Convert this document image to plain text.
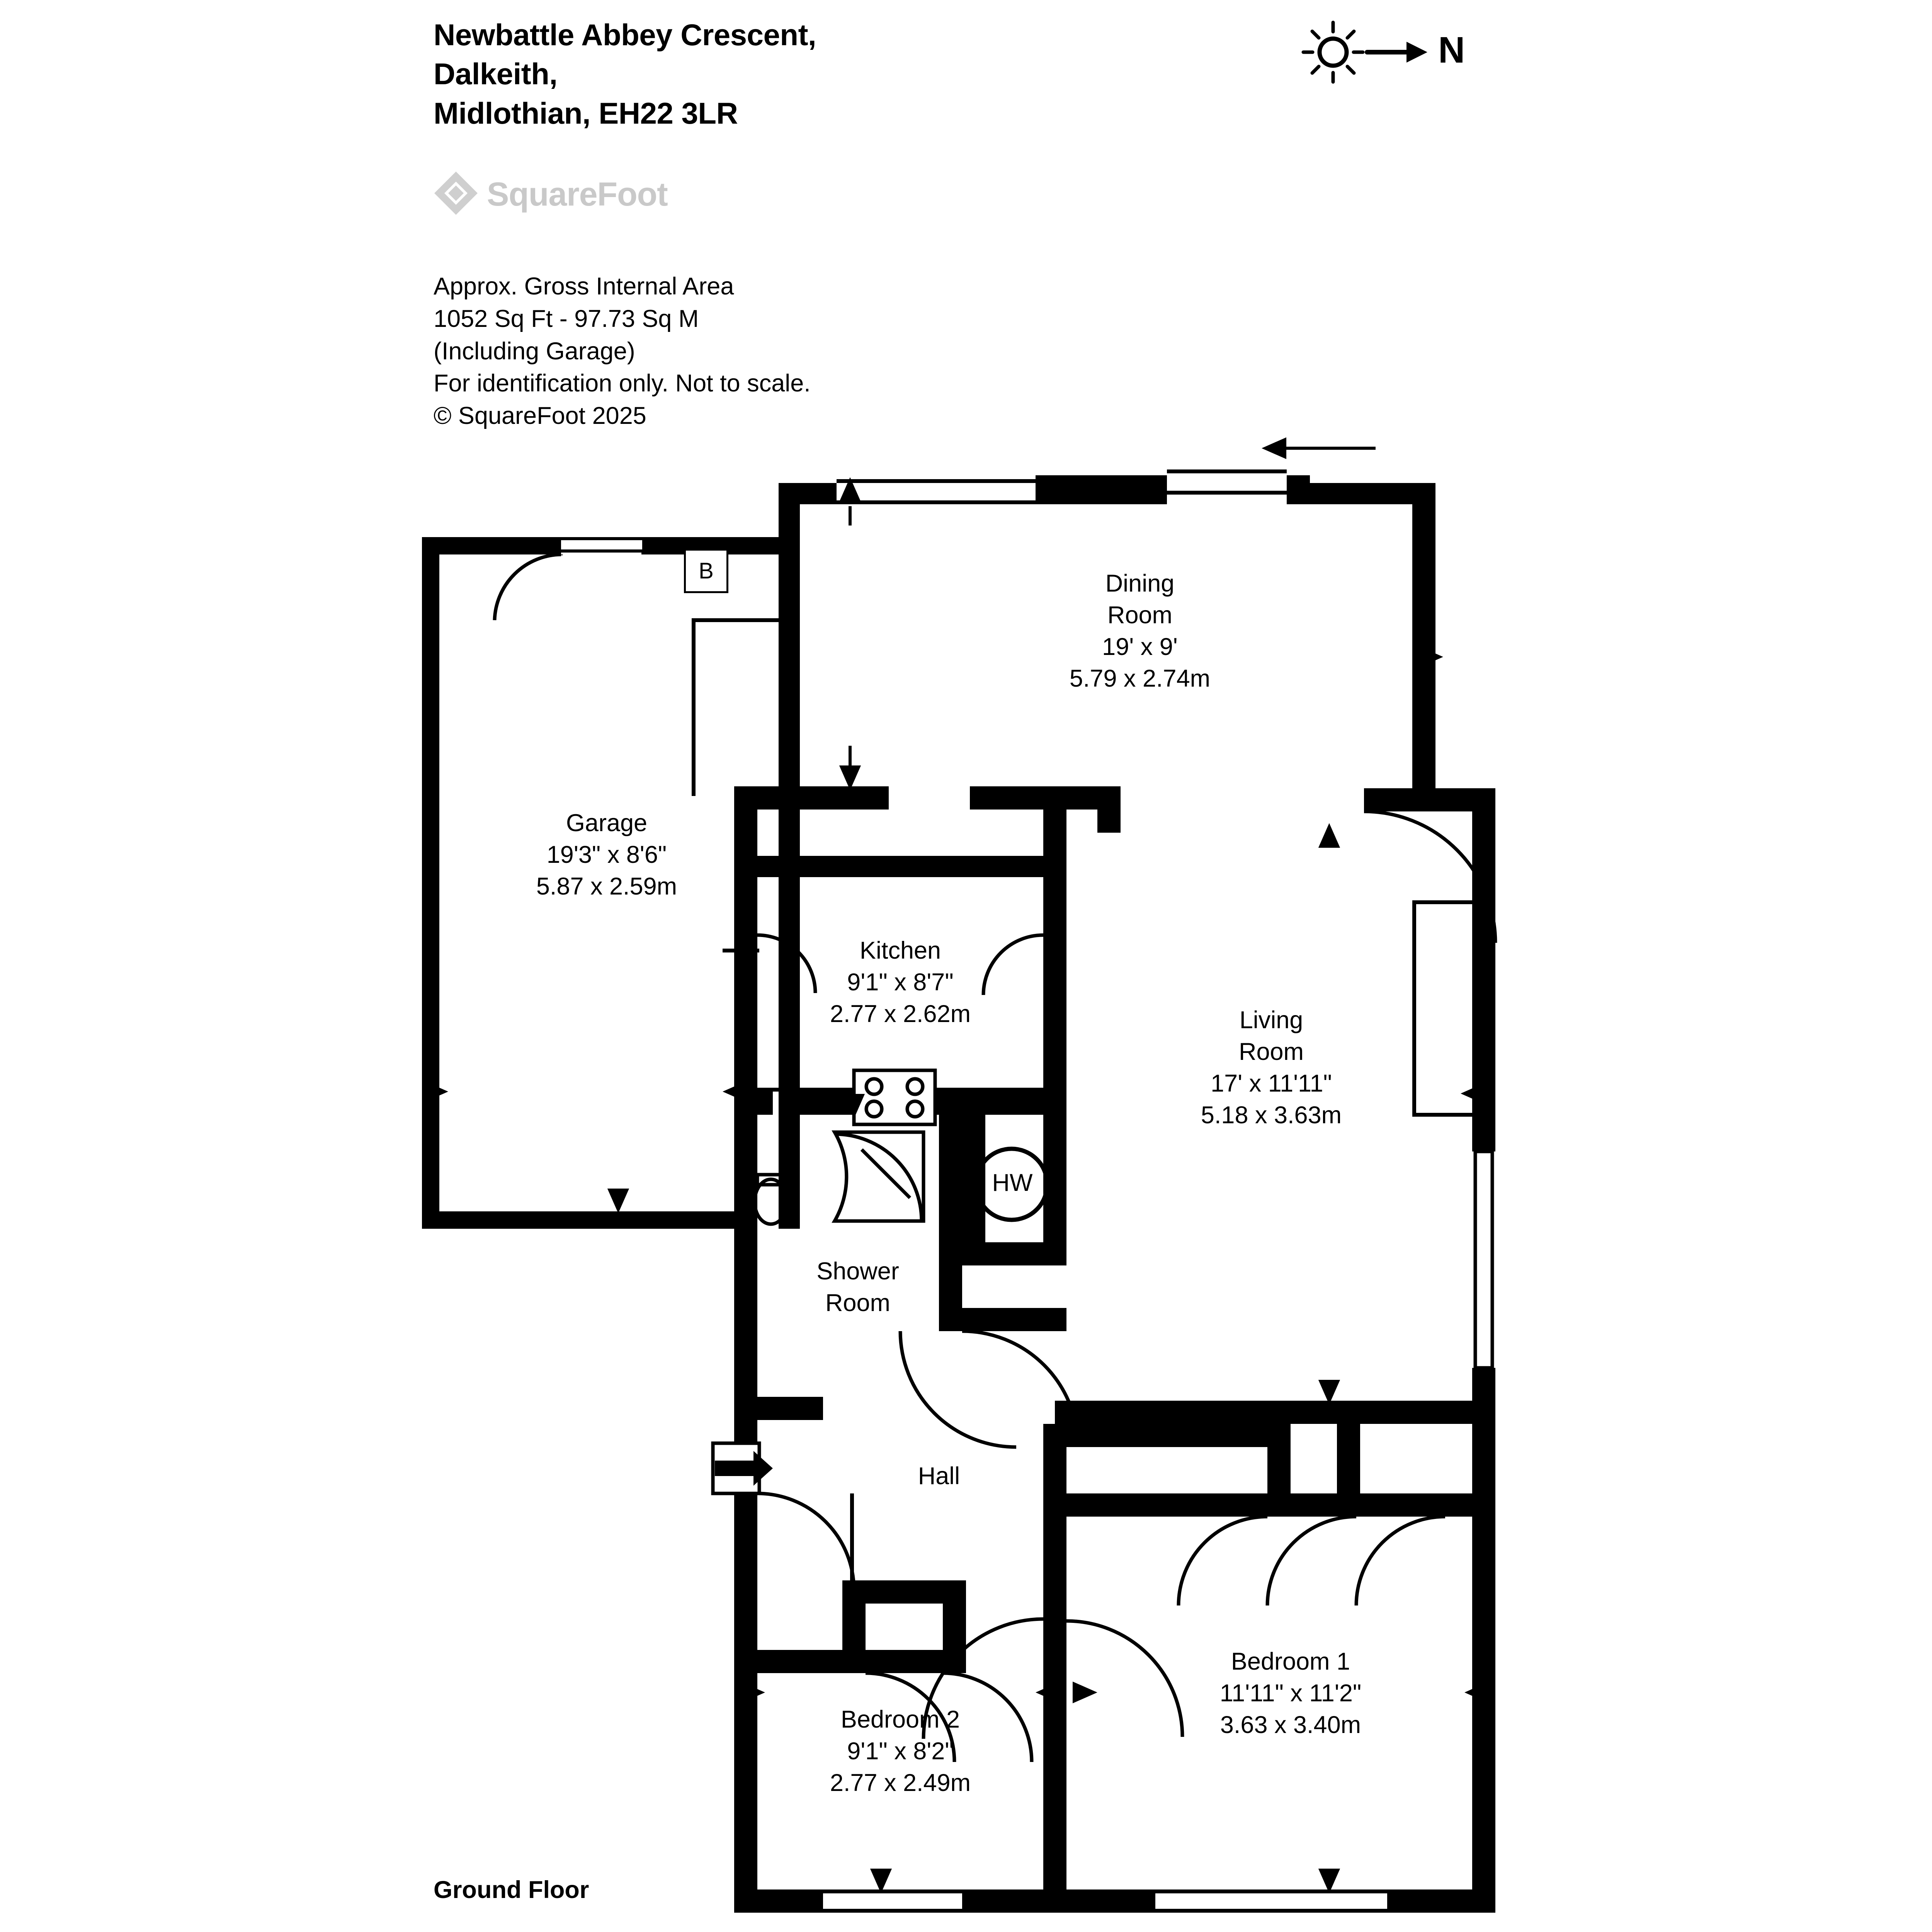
Newbattle Abbey Crescent,
Dalkeith,
Midlothian, EH22 3LR
SquareFoot
Approx. Gross Internal Area
1052 Sq Ft - 97.73 Sq M
(Including Garage)
For identification only. Not to scale.
© SquareFoot 2025
N
Dining
Room
19' x 9'
5.79 x 2.74m
Garage
19'3" x 8'6"
5.87 x 2.59m
Kitchen
9'1" x 8'7"
2.77 x 2.62m	Living
Room
17' x 11'11"
5.18 x 3.63m
Shower
Room
Hall
Bedroom 1
11'11" x 11'2"
3.63 x 3.40m
Bedroom 2
9'1" x 8'2"
2.77 x 2.49m
B
HW
Ground Floor
